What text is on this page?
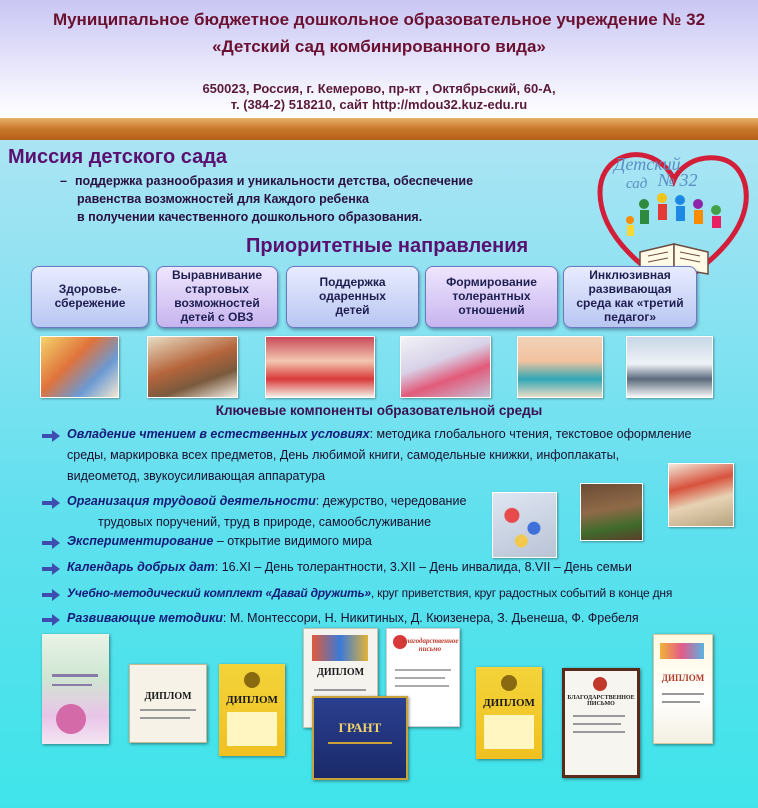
Муниципальное бюджетное дошкольное образовательное учреждение № 32
«Детский сад комбинированного вида»
650023, Россия, г. Кемерово, пр-кт , Октябрьский, 60-А,
т. (384-2) 518210, сайт http://mdou32.kuz-edu.ru
Детский
сад № 32
Миссия детского сада
– поддержка разнообразия и уникальности детства, обеспечение
равенства возможностей для Каждого ребенка
в получении качественного дошкольного образования.
Приоритетные направления
Здоровье-
сбережение
Выравнивание
стартовых
возможностей
детей с ОВЗ
Поддержка
одаренных
детей
Формирование
толерантных
отношений
Инклюзивная
развивающая
среда как «третий
педагог»
Ключевые компоненты образовательной среды
Овладение чтением в естественных условиях: методика глобального чтения, текстовое оформление
среды, маркировка всех предметов, День любимой книги, самодельные книжки, инфоплакаты,
видеометод, звукоусиливающая аппаратура
Организация трудовой деятельности: дежурство, чередование
трудовых поручений, труд в природе, самообслуживание
Экспериментирование – открытие видимого мира
Календарь добрых дат: 16.XI – День толерантности, 3.XII – День инвалида, 8.VII – День семьи
Учебно-методический комплект «Давай дружить», круг приветствия, круг радостных событий в конце дня
Развивающие методики: М. Монтессори, Н. Никитиных, Д. Кюизенера, З. Дьенеша, Ф. Фребеля
ДИПЛОМ	ДИПЛОМ
ДИПЛОМ
Благодарственное письмо
ГРАНТ
ДИПЛОМ	БЛАГОДАРСТВЕННОЕ ПИСЬМО
ДИПЛОМ
